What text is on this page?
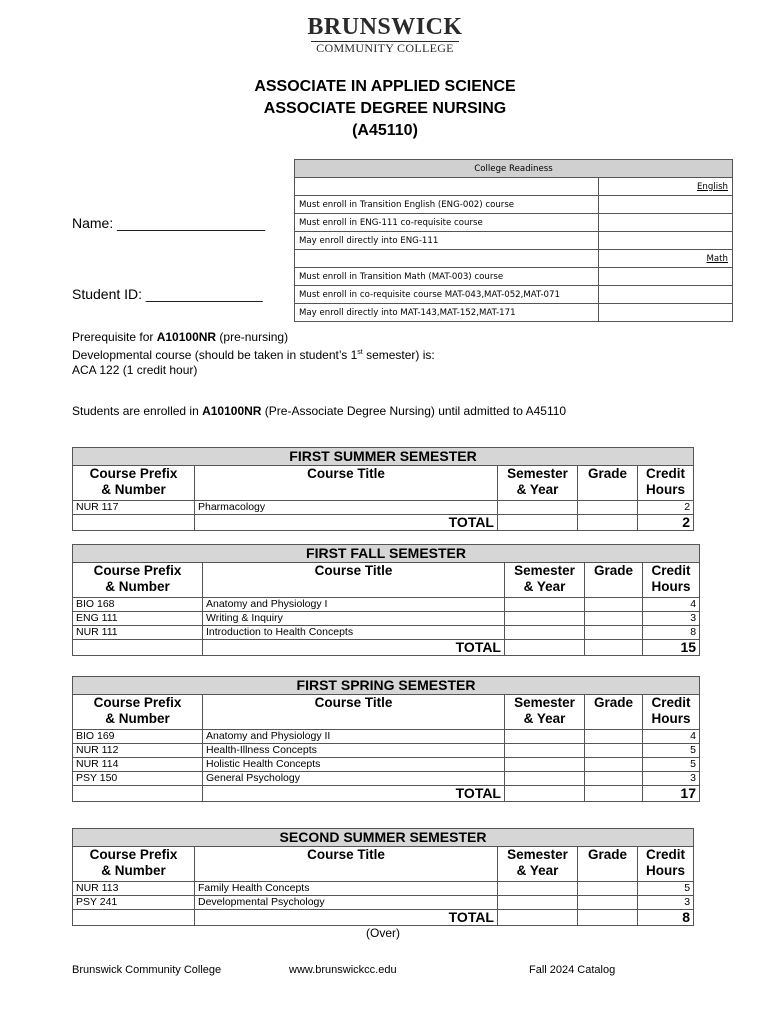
BRUNSWICK
COMMUNITY COLLEGE
ASSOCIATE IN APPLIED SCIENCE
ASSOCIATE DEGREE NURSING
(A45110)
College Readiness	
	English
Must enroll in Transition English (ENG-002) course	
Must enroll in ENG-111 co-requisite course	
May enroll directly into ENG-111	
	Math
Must enroll in Transition Math (MAT-003) course	
Must enroll in co-requisite course MAT-043,MAT-052,MAT-071	
May enroll directly into MAT-143,MAT-152,MAT-171	
Name: ___________________
Student ID: _______________
Prerequisite for A10100NR (pre-nursing)
Developmental course (should be taken in student’s 1st semester) is:
ACA 122 (1 credit hour)
Students are enrolled in A10100NR (Pre-Associate Degree Nursing) until admitted to A45110
FIRST SUMMER SEMESTER				
Course Prefix
& Number	Course Title	Semester
& Year	Grade	Credit
Hours
NUR 117	Pharmacology			2
	TOTAL			2
FIRST FALL SEMESTER				
Course Prefix
& Number	Course Title	Semester
& Year	Grade	Credit
Hours
BIO 168	Anatomy and Physiology I			4
ENG 111	Writing & Inquiry			3
NUR 111	Introduction to Health Concepts			8
	TOTAL			15
FIRST SPRING SEMESTER				
Course Prefix
& Number	Course Title	Semester
& Year	Grade	Credit
Hours
BIO 169	Anatomy and Physiology II			4
NUR 112	Health-Illness Concepts			5
NUR 114	Holistic Health Concepts			5
PSY 150	General Psychology			3
	TOTAL			17
SECOND SUMMER SEMESTER				
Course Prefix
& Number	Course Title	Semester
& Year	Grade	Credit
Hours
NUR 113	Family Health Concepts			5
PSY 241	Developmental Psychology			3
	TOTAL			8
(Over)
Brunswick Community College	www.brunswickcc.edu	Fall 2024 Catalog
